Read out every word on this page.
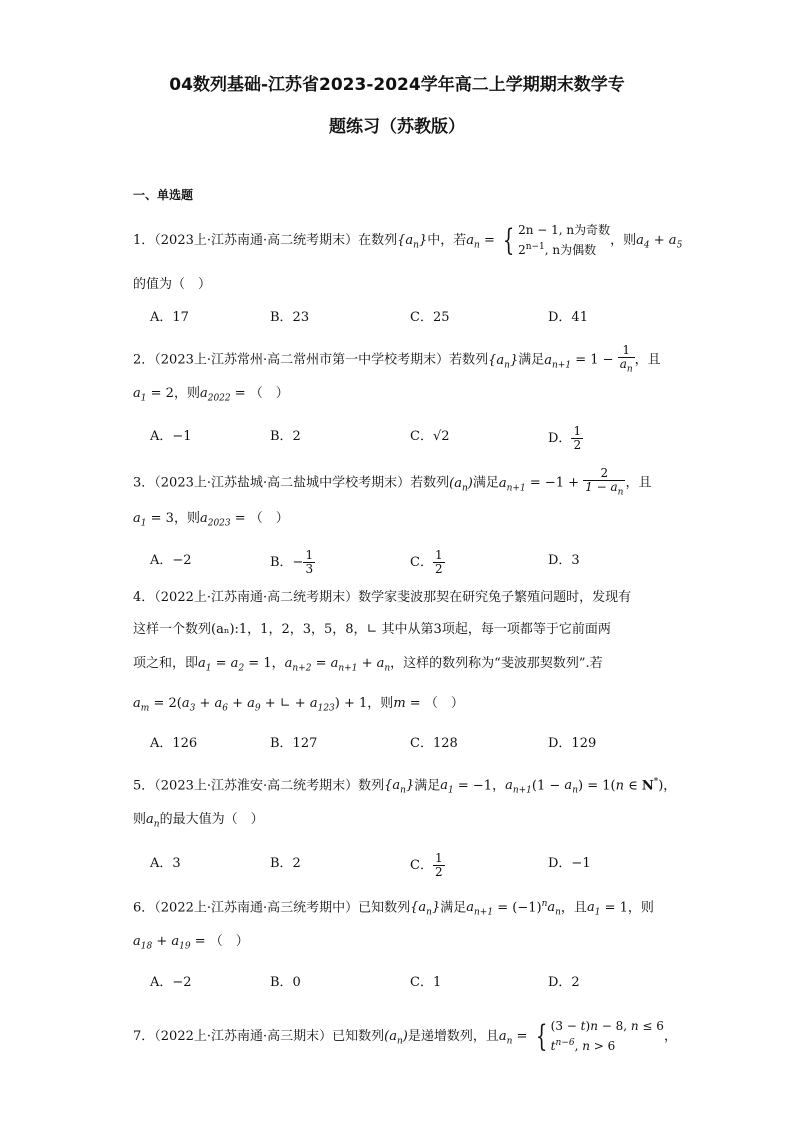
04数列基础-江苏省2023-2024学年高二上学期期末数学专
题练习（苏教版）
一、单选题
1．（2023上·江苏南通·高二统考期末）在数列$\{a_n\}$中，若$a_n$ = { 2n − 1, n为奇数
$2^{n-1}$, n为偶数，则$a_4 + a_5$
的值为（　）
A．17	B．23	C．25	D．41
2．（2023上·江苏常州·高二常州市第一中学校考期末）若数列$\{a_n\}$满足$a_{n+1} = 1 - \frac{1}{a_n}$ ，且
$a_1 = 2$，则$a_{2022}$ = （　）
A．−1	B．2	C．√2	D． $\frac{1}{2}$
3．（2023上·江苏盐城·高二盐城中学校考期末）若数列$(a_n)$满足$a_{n+1} = -1 + \frac{2}{1 - a_n}$ ，且
$a_1 = 3$，则$a_{2023}$ = （　）
A．−2	B．− $\frac{1}{3}$	C． $\frac{1}{2}$	D．3
4．（2022上·江苏南通·高二统考期末）数学家斐波那契在研究兔子繁殖问题时，发现有
这样一个数列(aₙ):1，1，2，3，5，8，∟ 其中从第3项起，每一项都等于它前面两
项之和，即$a_1 = a_2 = 1$，$a_{n+2} = a_{n+1} + a_n$，这样的数列称为“斐波那契数列”.若
$a_m = 2(a_3 + a_6 + a_9$ + ∟ + $a_{123}) + 1$，则m = （　）
A．126	B．127	C．128	D．129
5．（2023上·江苏淮安·高二统考期末）数列$\{a_n\}$满足$a_1 = -1$，$a_{n+1}(1 - a_n) = 1(n$ ∈ N*)，
则$a_n$的最大值为（　）
A．3	B．2	C． $\frac{1}{2}$	D．−1
6．（2022上·江苏南通·高三统考期中）已知数列$\{a_n\}$满足$a_{n+1} = (-1)^na_n$，且$a_1 = 1$，则
$a_{18} + a_{19}$ = （　）
A．−2	B．0	C．1	D．2
7．（2022上·江苏南通·高三期末）已知数列$(a_n)$是递增数列，且$a_n$ = { (3 − t)n − 8, n ≤ 6
$t^{n-6}$, n > 6，
